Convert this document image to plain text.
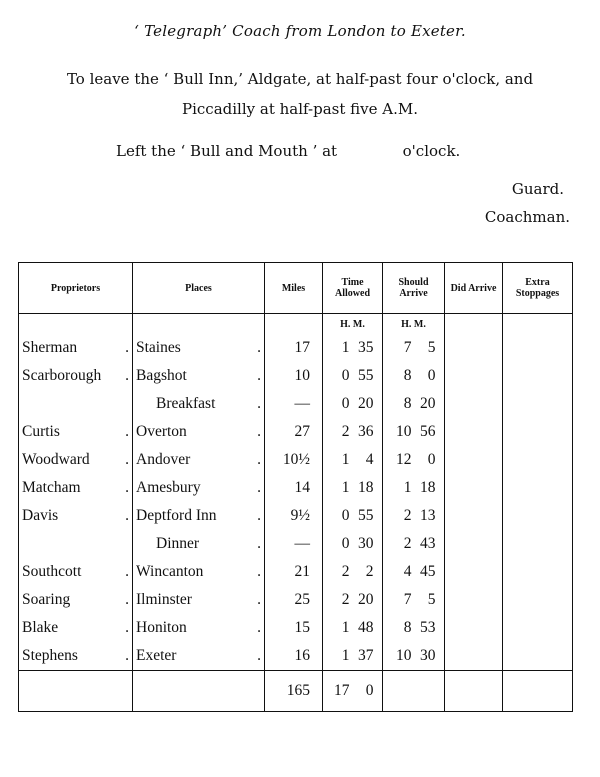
‘ Telegraph’ Coach from London to Exeter.
To leave the ‘ Bull Inn,’ Aldgate, at half-past four o'clock, and
Piccadilly at half-past five A.M.
Left the ‘ Bull and Mouth ’ at	o'clock.
Guard.
Coachman.
Proprietors	Places	Miles	Time Allowed	Should Arrive	Did Arrive	Extra Stoppages
			H. M.	H. M.		
Sherman .	Staines .	17	1 35	7 5		
Scarborough .	Bagshot .	10	0 55	8 0		
	Breakfast .	—	0 20	8 20		
Curtis .	Overton .	27	2 36	10 56		
Woodward .	Andover .	10½	1 4	12 0		
Matcham .	Amesbury .	14	1 18	1 18		
Davis .	Deptford Inn .	9½	0 55	2 13		
	Dinner .	—	0 30	2 43		
Southcott .	Wincanton .	21	2 2	4 45		
Soaring .	Ilminster .	25	2 20	7 5		
Blake .	Honiton .	15	1 48	8 53		
Stephens .	Exeter .	16	1 37	10 30		
		165	17 0			
